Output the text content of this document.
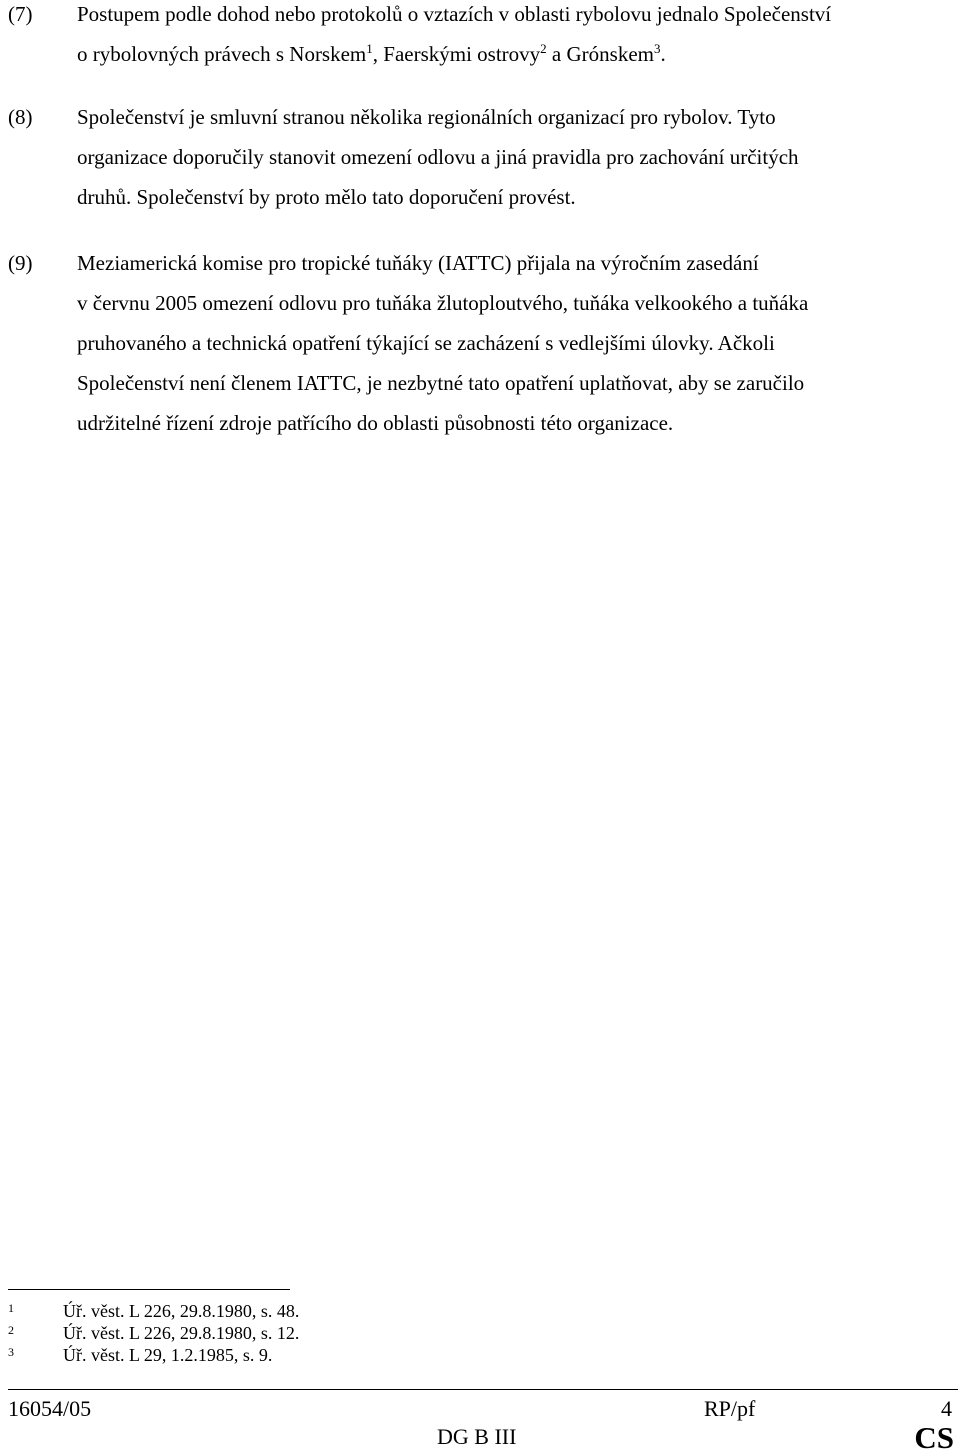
(7) Postupem podle dohod nebo protokolů o vztazích v oblasti rybolovu jednalo Společenství
o rybolovných právech s Norskem$^1$, Faerskými ostrovy$^2$ a Grónskem$^3$.
(8) Společenství je smluvní stranou několika regionálních organizací pro rybolov. Tyto
organizace doporučily stanovit omezení odlovu a jiná pravidla pro zachování určitých
druhů. Společenství by proto mělo tato doporučení provést.
(9) Meziamerická komise pro tropické tuňáky (IATTC) přijala na výročním zasedání
v červnu 2005 omezení odlovu pro tuňáka žlutoploutvého, tuňáka velkookého a tuňáka
pruhovaného a technická opatření týkající se zacházení s vedlejšími úlovky. Ačkoli
Společenství není členem IATTC, je nezbytné tato opatření uplatňovat, aby se zaručilo
udržitelné řízení zdroje patřícího do oblasti působnosti této organizace.
1	Úř. věst. L 226, 29.8.1980, s. 48.
2	Úř. věst. L 226, 29.8.1980, s. 12.
3	Úř. věst. L 29, 1.2.1985, s. 9.
16054/05	RP/pf	4
DG B III	CS
